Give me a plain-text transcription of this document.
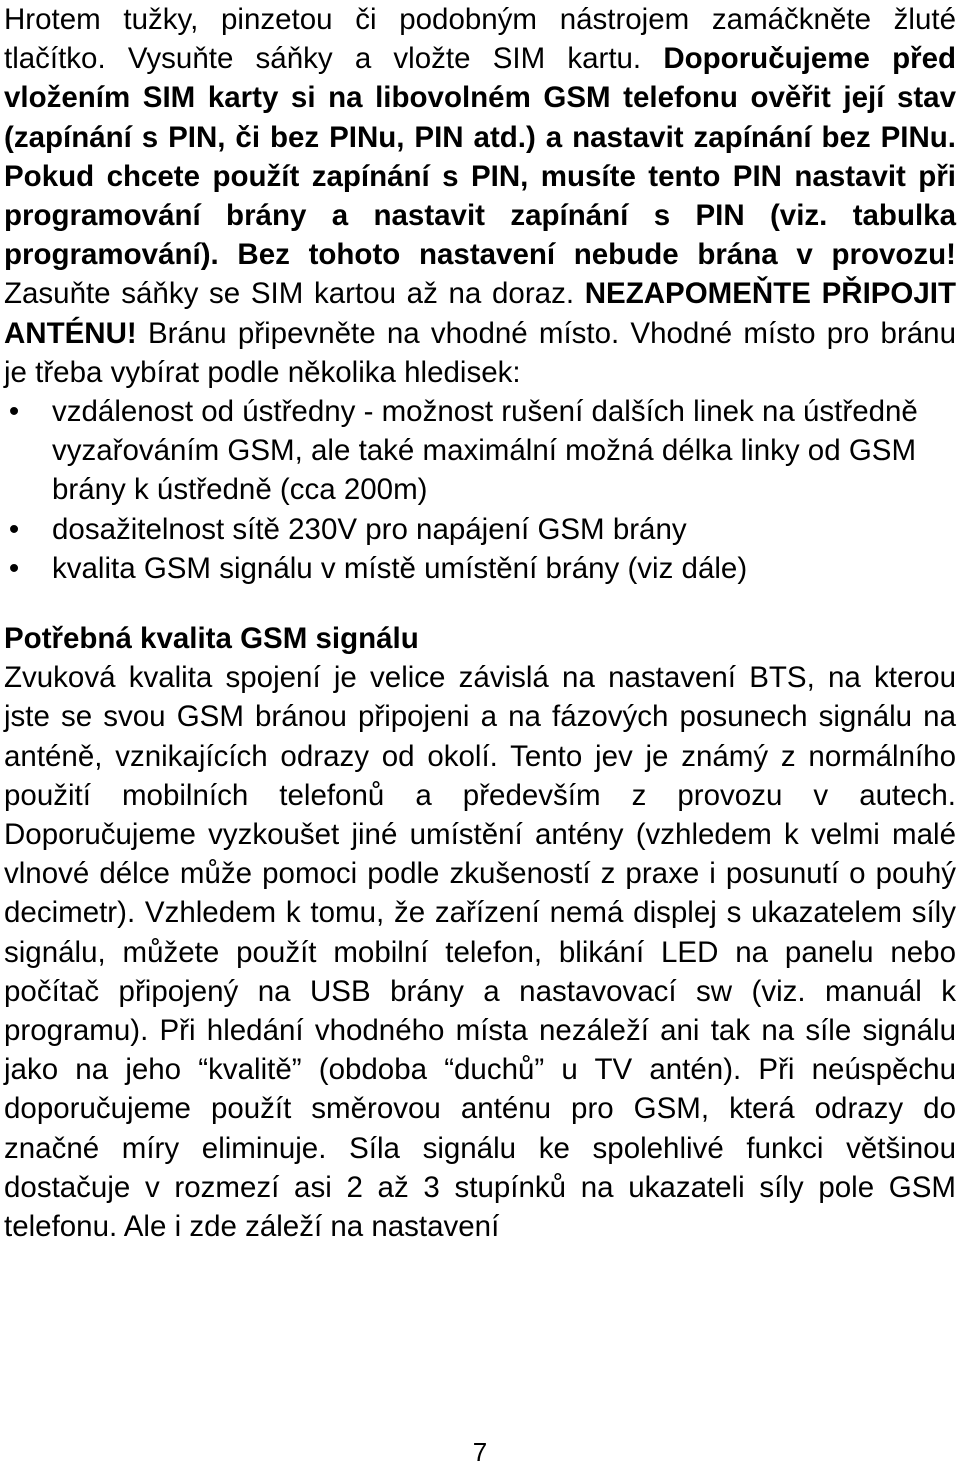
Hrotem tužky, pinzetou či podobným nástrojem zamáčkněte žluté tlačítko. Vysuňte sáňky a vložte SIM kartu. Doporučujeme před vložením SIM karty si na libovolném GSM telefonu ověřit její stav (zapínání s PIN, či bez PINu, PIN atd.) a nastavit zapínání bez PINu. Pokud chcete použít zapínání s PIN, musíte tento PIN nastavit při programování brány a nastavit zapínání s PIN (viz. tabulka programování). Bez tohoto nastavení nebude brána v provozu! Zasuňte sáňky se SIM kartou až na doraz. NEZAPOMEŇTE PŘIPOJIT ANTÉNU! Bránu připevněte na vhodné místo. Vhodné místo pro bránu je třeba vybírat podle několika hledisek:

• vzdálenost od ústředny - možnost rušení dalších linek na ústředně vyzařováním GSM, ale také maximální možná délka linky od GSM brány k ústředně (cca 200m)
• dosažitelnost sítě 230V pro napájení GSM brány
• kvalita GSM signálu v místě umístění brány (viz dále)
Potřebná kvalita GSM signálu

Zvuková kvalita spojení je velice závislá na nastavení BTS, na kterou jste se svou GSM bránou připojeni a na fázových posunech signálu na anténě, vznikajících odrazy od okolí. Tento jev je známý z normálního použití mobilních telefonů a především z provozu v autech. Doporučujeme vyzkoušet jiné umístění antény (vzhledem k velmi malé vlnové délce může pomoci podle zkušeností z praxe i posunutí o pouhý decimetr). Vzhledem k tomu, že zařízení nemá displej s ukazatelem síly signálu, můžete použít mobilní telefon, blikání LED na panelu nebo počítač připojený na USB brány a nastavovací sw (viz. manuál k programu). Při hledání vhodného místa nezáleží ani tak na síle signálu jako na jeho “kvalitě” (obdoba “duchů” u TV antén). Při neúspěchu doporučujeme použít směrovou anténu pro GSM, která odrazy do značné míry eliminuje. Síla signálu ke spolehlivé funkci většinou dostačuje v rozmezí asi 2 až 3 stupínků na ukazateli síly pole GSM telefonu. Ale i zde záleží na nastavení

7
